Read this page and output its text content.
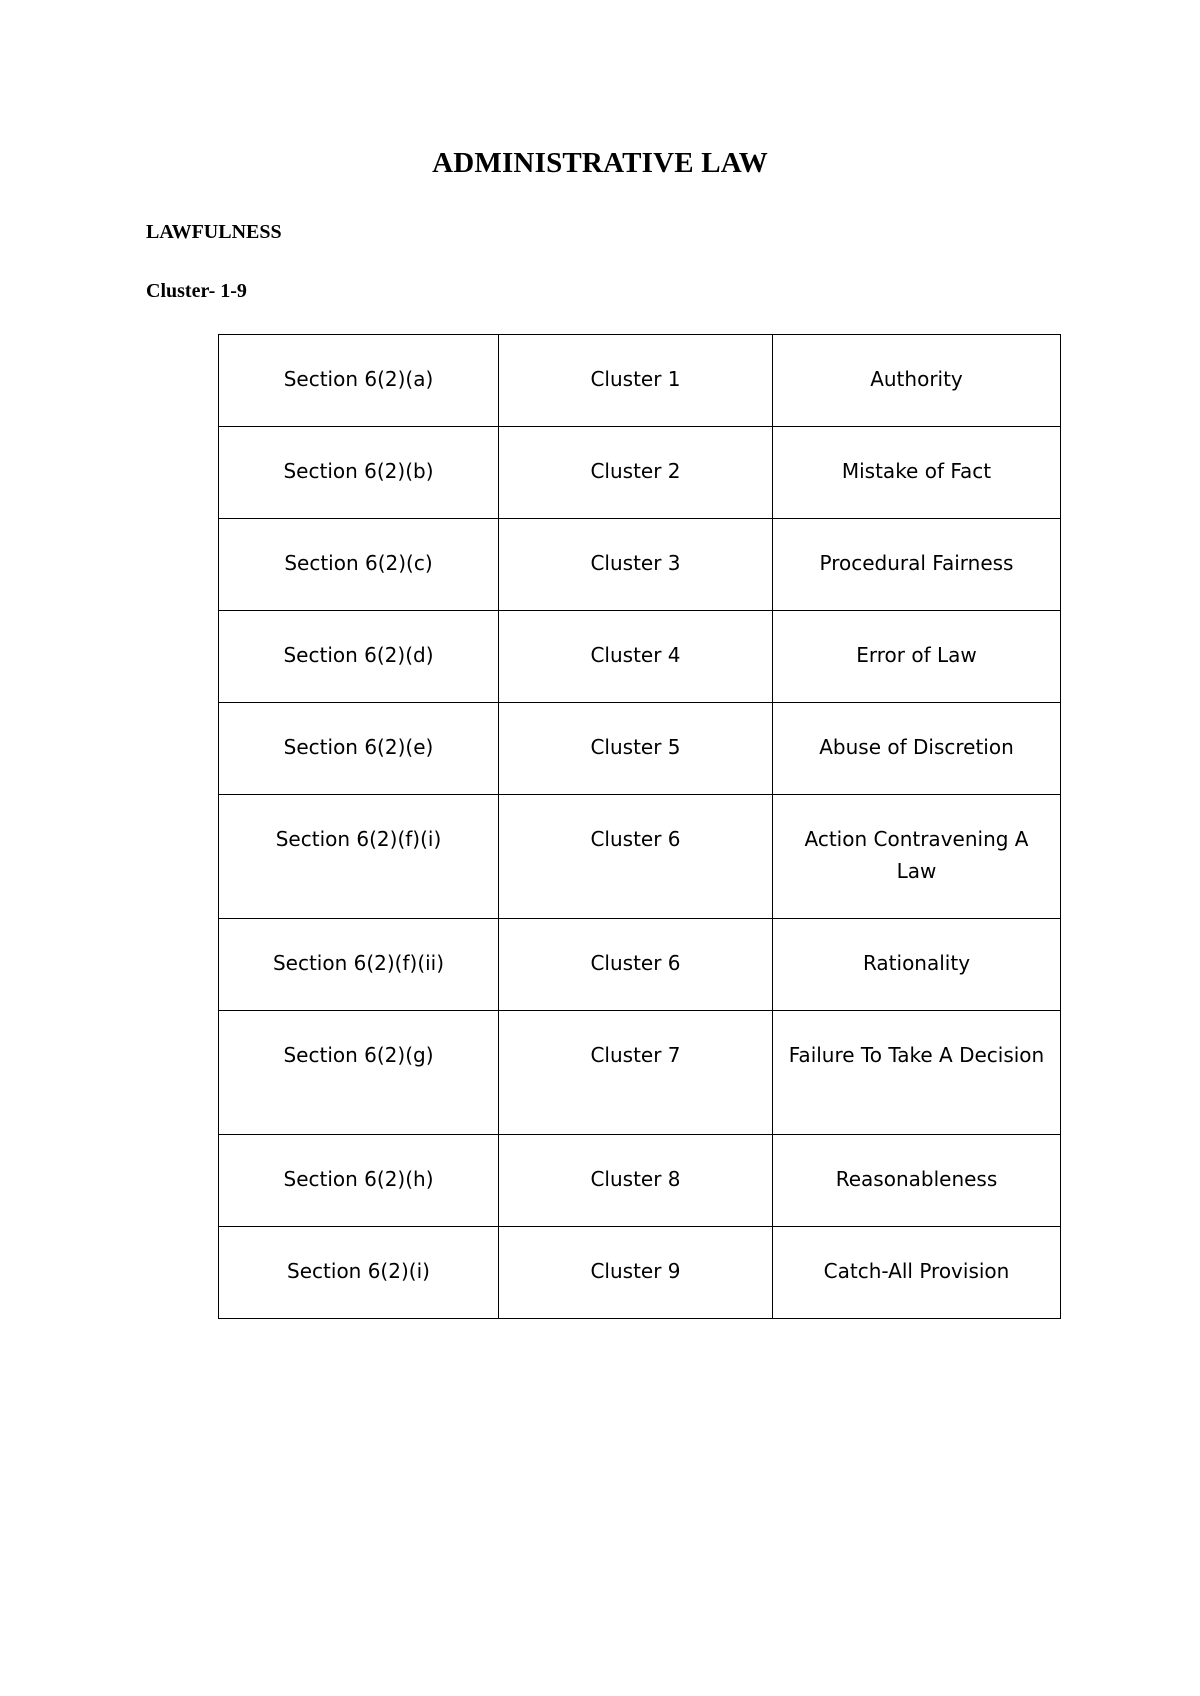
ADMINISTRATIVE LAW
LAWFULNESS
Cluster- 1-9
Section 6(2)(a)	Cluster 1	Authority
Section 6(2)(b)	Cluster 2	Mistake of Fact
Section 6(2)(c)	Cluster 3	Procedural Fairness
Section 6(2)(d)	Cluster 4	Error of Law
Section 6(2)(e)	Cluster 5	Abuse of Discretion
Section 6(2)(f)(i)	Cluster 6	Action Contravening A Law
Section 6(2)(f)(ii)	Cluster 6	Rationality
Section 6(2)(g)	Cluster 7	Failure To Take A Decision
Section 6(2)(h)	Cluster 8	Reasonableness
Section 6(2)(i)	Cluster 9	Catch-All Provision
